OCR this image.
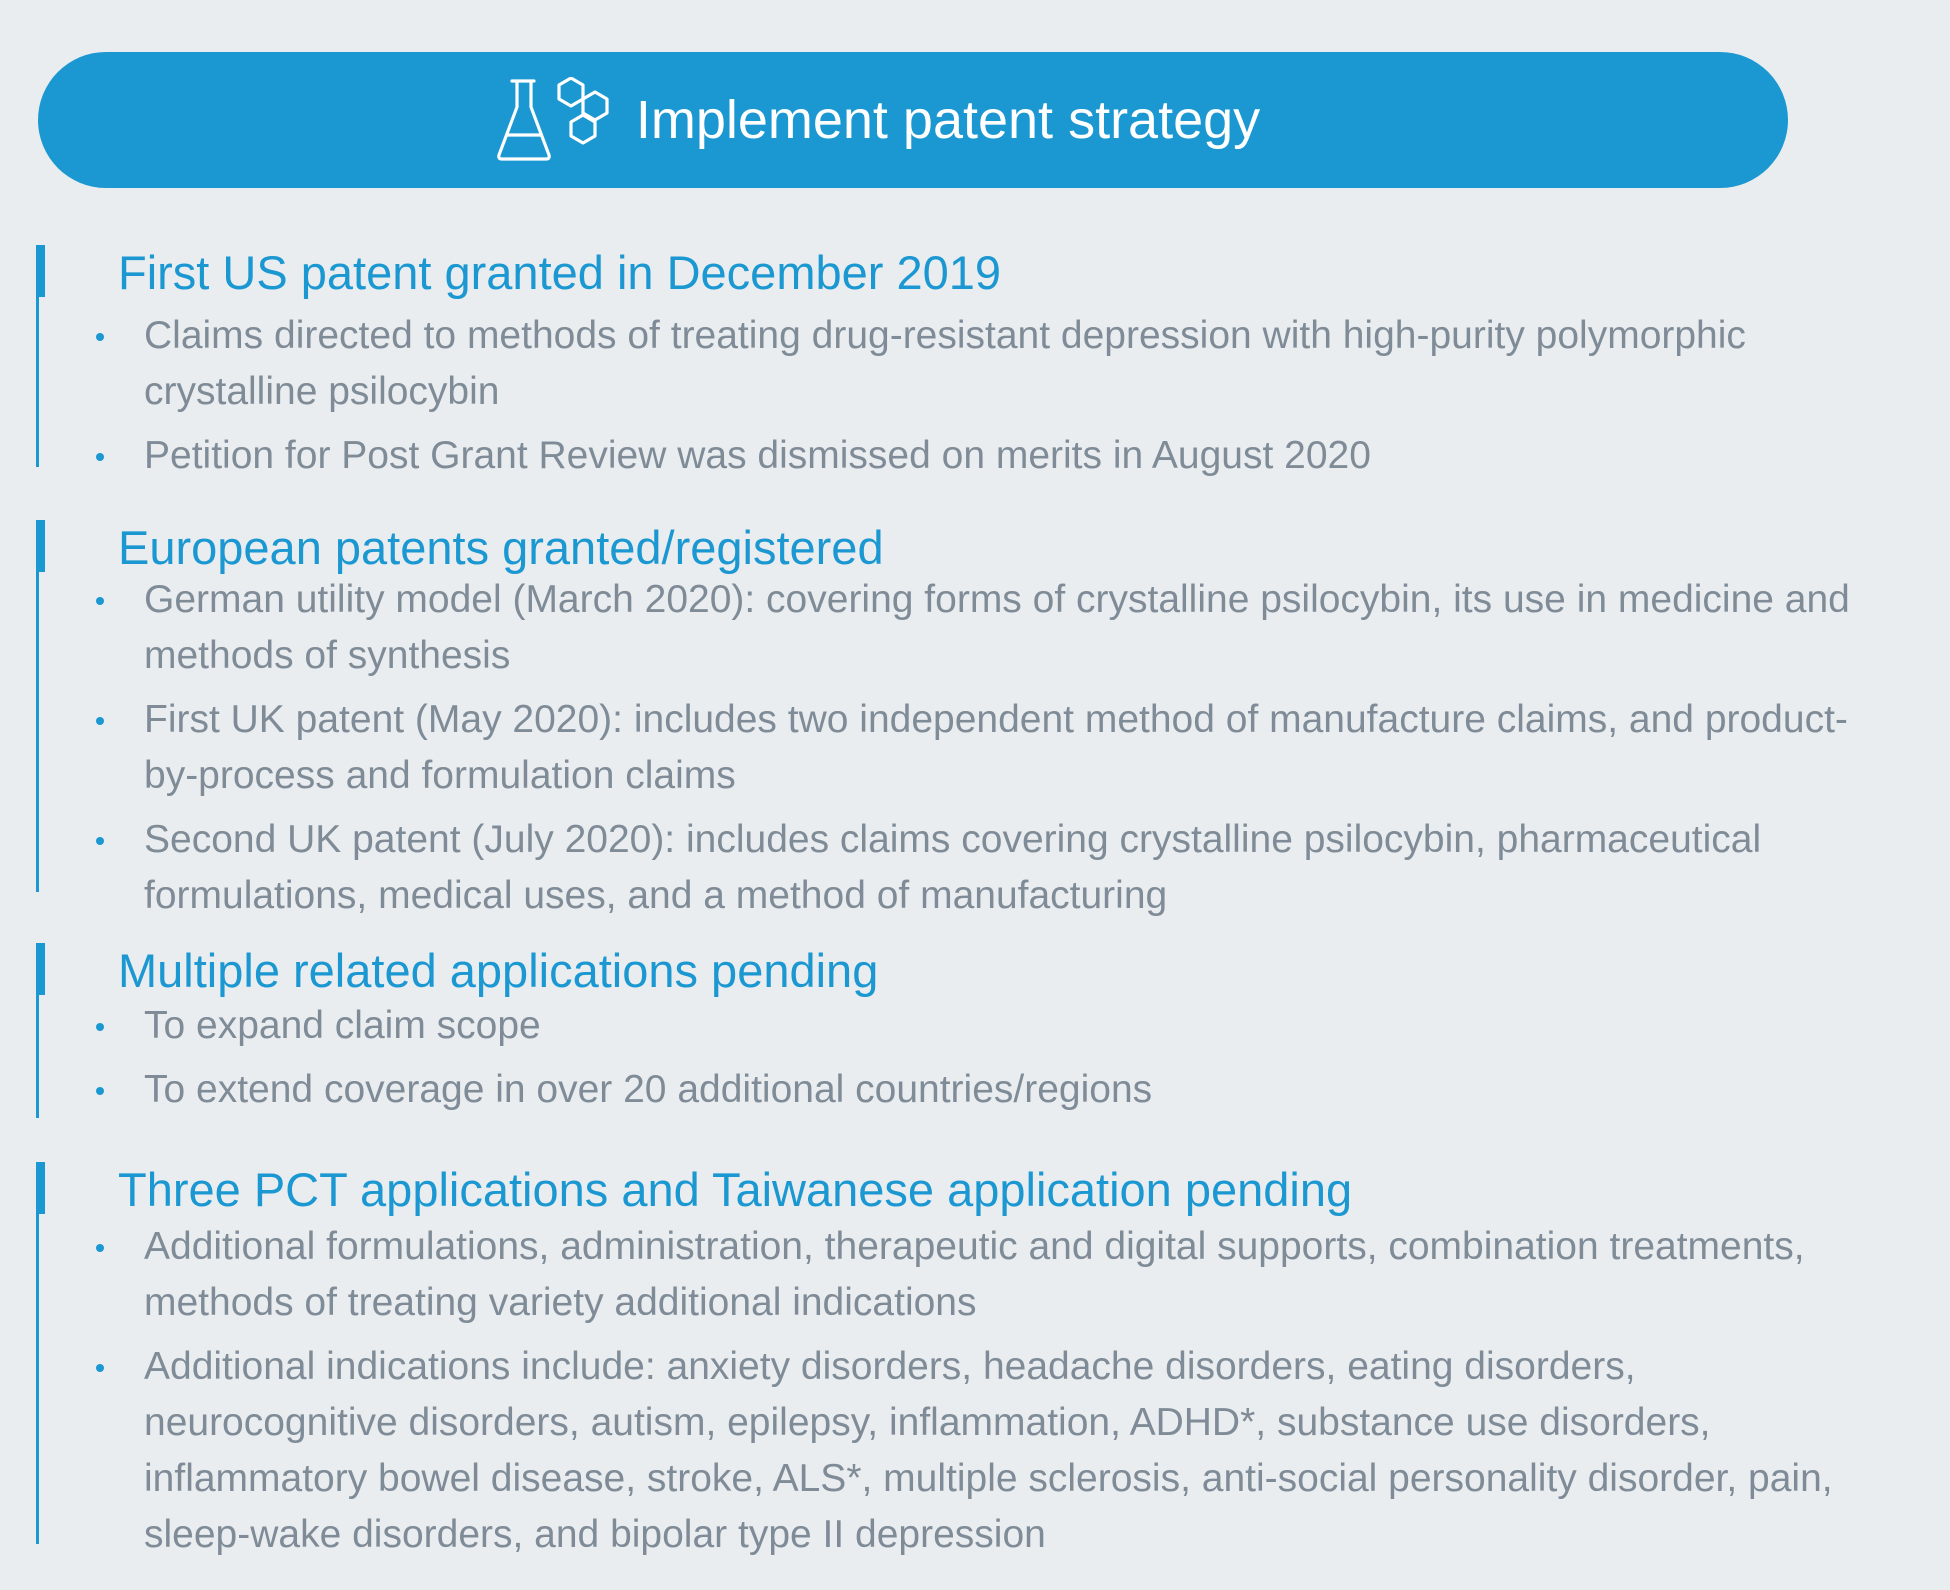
Implement patent strategy
First US patent granted in December 2019
Claims directed to methods of treating drug-resistant depression with high-purity polymorphic crystalline psilocybin
Petition for Post Grant Review was dismissed on merits in August 2020
European patents granted/registered
German utility model (March 2020): covering forms of crystalline psilocybin, its use in medicine and methods of synthesis
First UK patent (May 2020): includes two independent method of manufacture claims, and product-by-process and formulation claims
Second UK patent (July 2020): includes claims covering crystalline psilocybin, pharmaceutical formulations, medical uses, and a method of manufacturing
Multiple related applications pending
To expand claim scope
To extend coverage in over 20 additional countries/regions
Three PCT applications and Taiwanese application pending
Additional formulations, administration, therapeutic and digital supports, combination treatments, methods of treating variety additional indications
Additional indications include: anxiety disorders, headache disorders, eating disorders, neurocognitive disorders, autism, epilepsy, inflammation, ADHD*, substance use disorders, inflammatory bowel disease, stroke, ALS*, multiple sclerosis, anti-social personality disorder, pain, sleep-wake disorders, and bipolar type II depression
